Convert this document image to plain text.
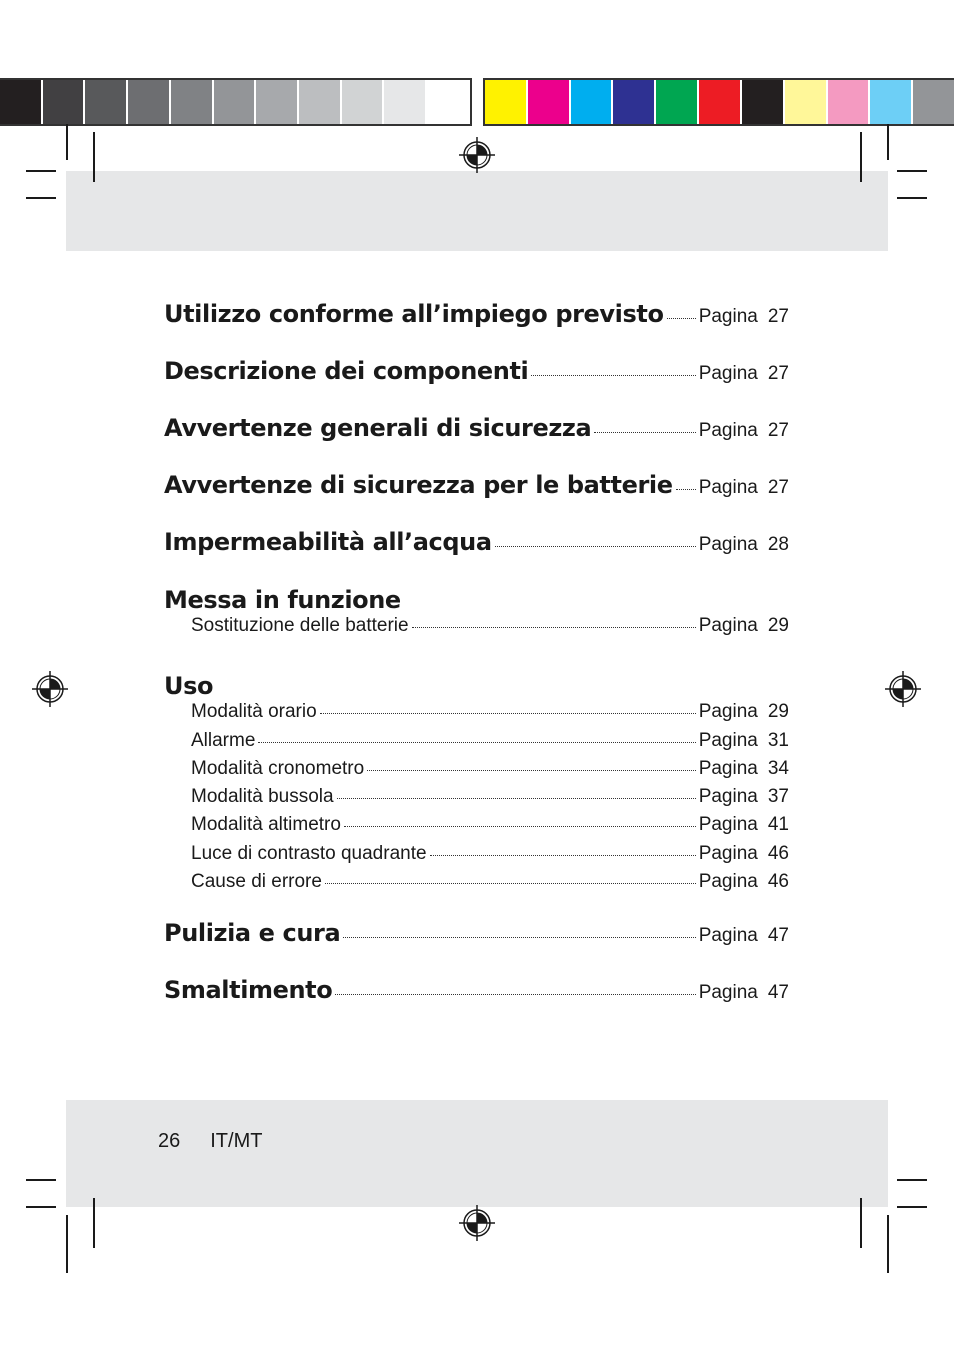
Utilizzo conforme all’impiego previsto Pagina 27
Descrizione dei componenti	Pagina 27
Avvertenze generali di sicurezza	Pagina 27
Avvertenze di sicurezza per le batterie Pagina 27
Impermeabilità all’acqua	Pagina 28
Messa in funzione
Sostituzione delle batterie	Pagina 29
Uso
Modalità orario	Pagina 29
Allarme	Pagina 31
Modalità cronometro	Pagina 34
Modalità bussola	Pagina 37
Modalità altimetro	Pagina 41
Luce di contrasto quadrante	Pagina 46
Cause di errore	Pagina 46
Pulizia e cura	Pagina 47
Smaltimento	Pagina 47
26 IT/MT
